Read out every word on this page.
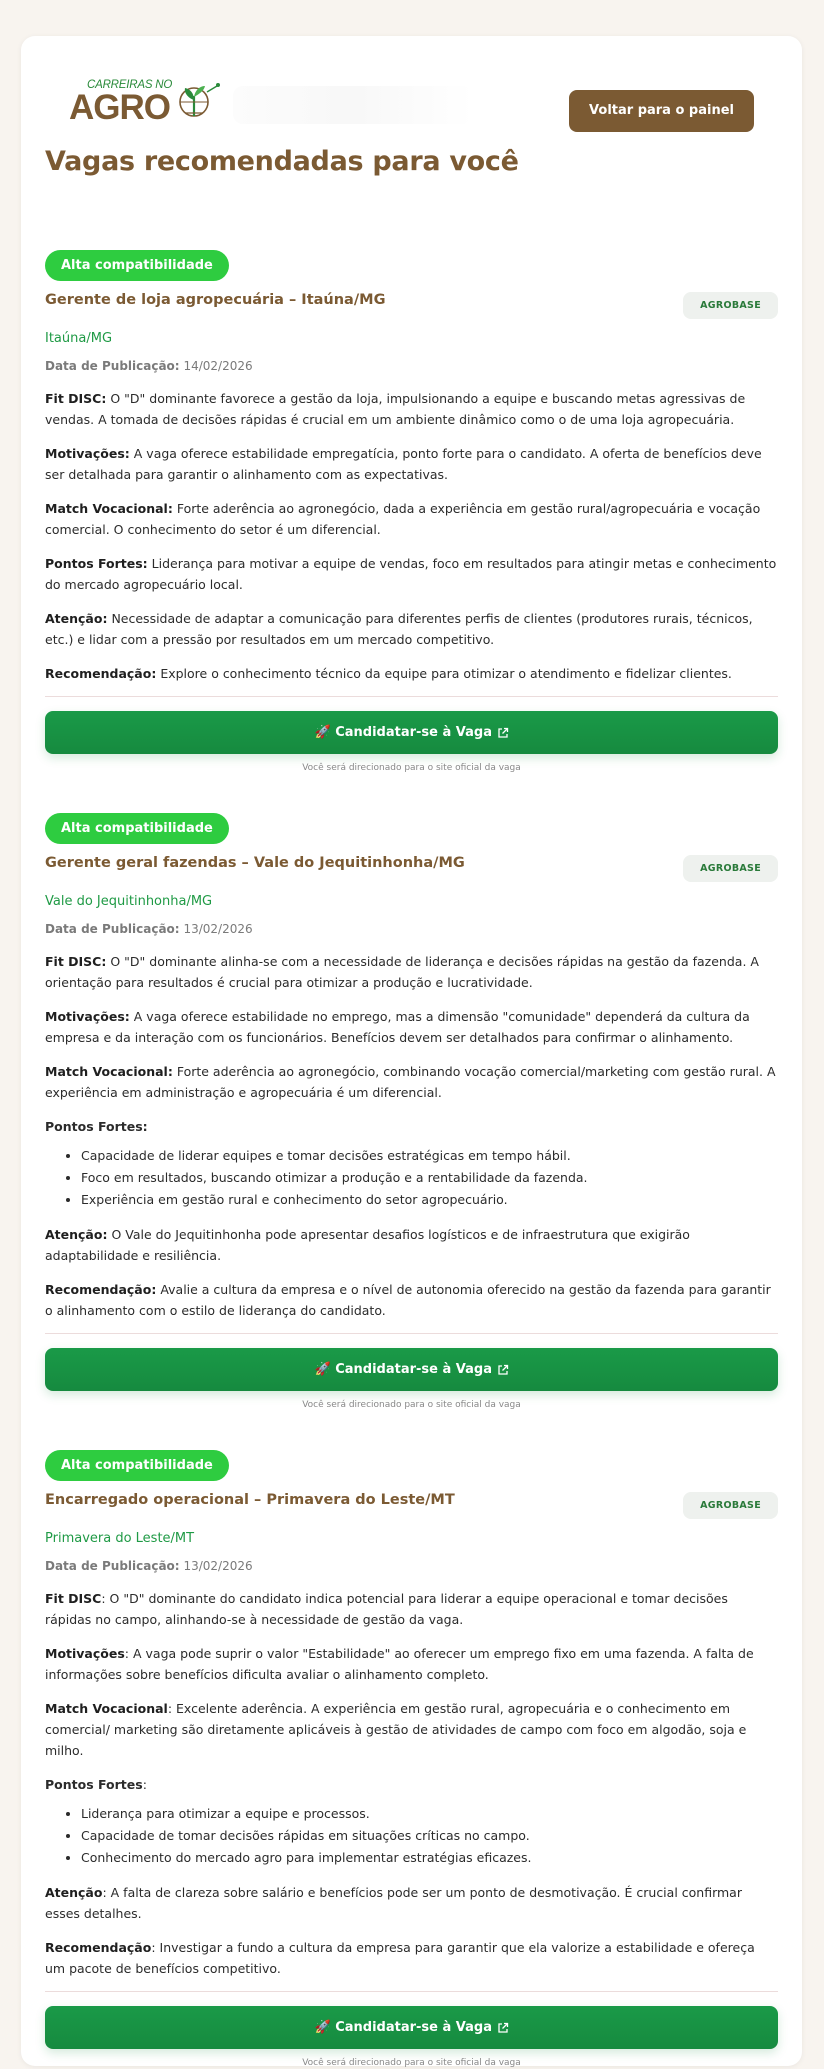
CARREIRAS NO
AGRO	Voltar para o painel
Vagas recomendadas para você
Alta compatibilidade
AGROBASE
Gerente de loja agropecuária – Itaúna/MG
Itaúna/MG
Data de Publicação: 14/02/2026

Fit DISC: O "D" dominante favorece a gestão da loja, impulsionando a equipe e buscando metas agressivas de vendas. A tomada de decisões rápidas é crucial em um ambiente dinâmico como o de uma loja agropecuária.

Motivações: A vaga oferece estabilidade empregatícia, ponto forte para o candidato. A oferta de benefícios deve ser detalhada para garantir o alinhamento com as expectativas.

Match Vocacional: Forte aderência ao agronegócio, dada a experiência em gestão rural/agropecuária e vocação comercial. O conhecimento do setor é um diferencial.

Pontos Fortes: Liderança para motivar a equipe de vendas, foco em resultados para atingir metas e conhecimento do mercado agropecuário local.

Atenção: Necessidade de adaptar a comunicação para diferentes perfis de clientes (produtores rurais, técnicos, etc.) e lidar com a pressão por resultados em um mercado competitivo.

Recomendação: Explore o conhecimento técnico da equipe para otimizar o atendimento e fidelizar clientes.

🚀 Candidatar-se à Vaga
Você será direcionado para o site oficial da vaga
Alta compatibilidade
AGROBASE
Gerente geral fazendas – Vale do Jequitinhonha/MG
Vale do Jequitinhonha/MG
Data de Publicação: 13/02/2026

Fit DISC: O "D" dominante alinha-se com a necessidade de liderança e decisões rápidas na gestão da fazenda. A orientação para resultados é crucial para otimizar a produção e lucratividade.

Motivações: A vaga oferece estabilidade no emprego, mas a dimensão "comunidade" dependerá da cultura da empresa e da interação com os funcionários. Benefícios devem ser detalhados para confirmar o alinhamento.

Match Vocacional: Forte aderência ao agronegócio, combinando vocação comercial/marketing com gestão rural. A experiência em administração e agropecuária é um diferencial.

Pontos Fortes:
• Capacidade de liderar equipes e tomar decisões estratégicas em tempo hábil.
• Foco em resultados, buscando otimizar a produção e a rentabilidade da fazenda.
• Experiência em gestão rural e conhecimento do setor agropecuário.

Atenção: O Vale do Jequitinhonha pode apresentar desafios logísticos e de infraestrutura que exigirão adaptabilidade e resiliência.

Recomendação: Avalie a cultura da empresa e o nível de autonomia oferecido na gestão da fazenda para garantir o alinhamento com o estilo de liderança do candidato.

🚀 Candidatar-se à Vaga
Você será direcionado para o site oficial da vaga
Alta compatibilidade
AGROBASE
Encarregado operacional – Primavera do Leste/MT
Primavera do Leste/MT
Data de Publicação: 13/02/2026

Fit DISC: O "D" dominante do candidato indica potencial para liderar a equipe operacional e tomar decisões rápidas no campo, alinhando-se à necessidade de gestão da vaga.

Motivações: A vaga pode suprir o valor "Estabilidade" ao oferecer um emprego fixo em uma fazenda. A falta de informações sobre benefícios dificulta avaliar o alinhamento completo.

Match Vocacional: Excelente aderência. A experiência em gestão rural, agropecuária e o conhecimento em comercial/ marketing são diretamente aplicáveis à gestão de atividades de campo com foco em algodão, soja e milho.

Pontos Fortes:
• Liderança para otimizar a equipe e processos.
• Capacidade de tomar decisões rápidas em situações críticas no campo.
• Conhecimento do mercado agro para implementar estratégias eficazes.

Atenção: A falta de clareza sobre salário e benefícios pode ser um ponto de desmotivação. É crucial confirmar esses detalhes.

Recomendação: Investigar a fundo a cultura da empresa para garantir que ela valorize a estabilidade e ofereça um pacote de benefícios competitivo.

🚀 Candidatar-se à Vaga
Você será direcionado para o site oficial da vaga
